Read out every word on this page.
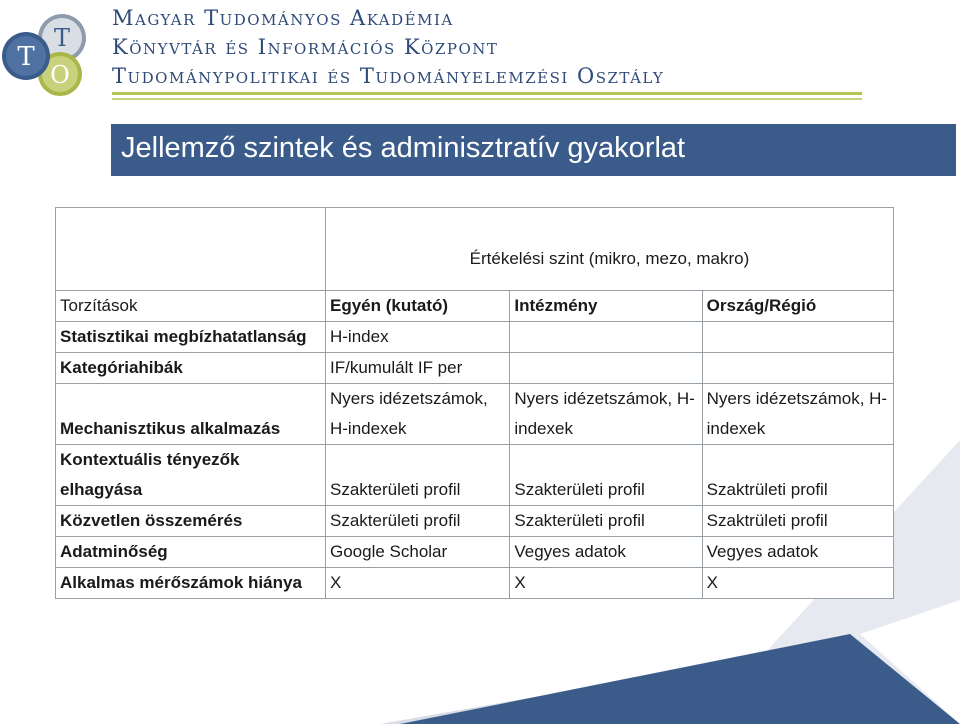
T
T
O
Magyar Tudományos Akadémia
Könyvtár és Információs Központ
Tudománypolitikai és Tudományelemzési Osztály
Jellemző szintek és adminisztratív gyakorlat
	Értékelési szint (mikro, mezo, makro)		
Torzítások	Egyén (kutató)	Intézmény	Ország/Régió
Statisztikai megbízhatatlanság	H-index		
Kategóriahibák	IF/kumulált IF per		
Mechanisztikus alkalmazás	Nyers idézetszámok, H-indexek	Nyers idézetszámok, H-indexek	Nyers idézetszámok, H-indexek
Kontextuális tényezők elhagyása	Szakterületi profil	Szakterületi profil	Szaktrületi profil
Közvetlen összemérés	Szakterületi profil	Szakterületi profil	Szaktrületi profil
Adatminőség	Google Scholar	Vegyes adatok	Vegyes adatok
Alkalmas mérőszámok hiánya	X	X	X
